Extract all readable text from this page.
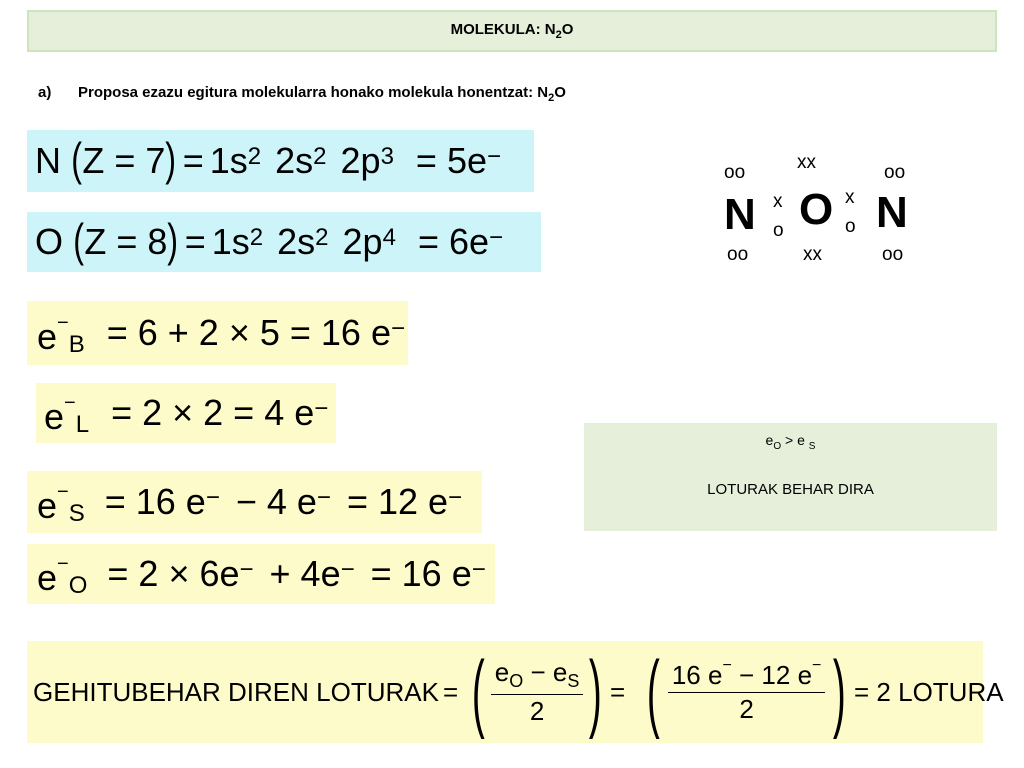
MOLEKULA: $N_2O$
a) Proposa ezazu egitura molekularra honako molekula honentzat: $N_2O$
N ( Z = 7 ) = $1s^2$ $2s^2$ $2p^3 = 5e^-$
O ( Z = 8 ) = $1s^2$ $2s^2$ $2p^4 = 6e^-$
oo
N
oo
x
o
xx
O
xx
x
o
oo
N
oo
e −
B = 6 + 2 × 5 = 16 e−
e −
L = 2 × 2 = 4 e−
e −
S = 16 e− − 4 e− = 12 e−
e −
O = 2 × 6e− + 4e− = 16 e−
$e_O > e$ $_S$
LOTURAK BEHAR DIRA
GEHITUBEHAR DIREN LOTURAK = ( $\frac{e_O - e_S}{2}$ ) = ( $\frac{16 e^- - 12 e^-}{2}$ ) = 2 LOTURA
